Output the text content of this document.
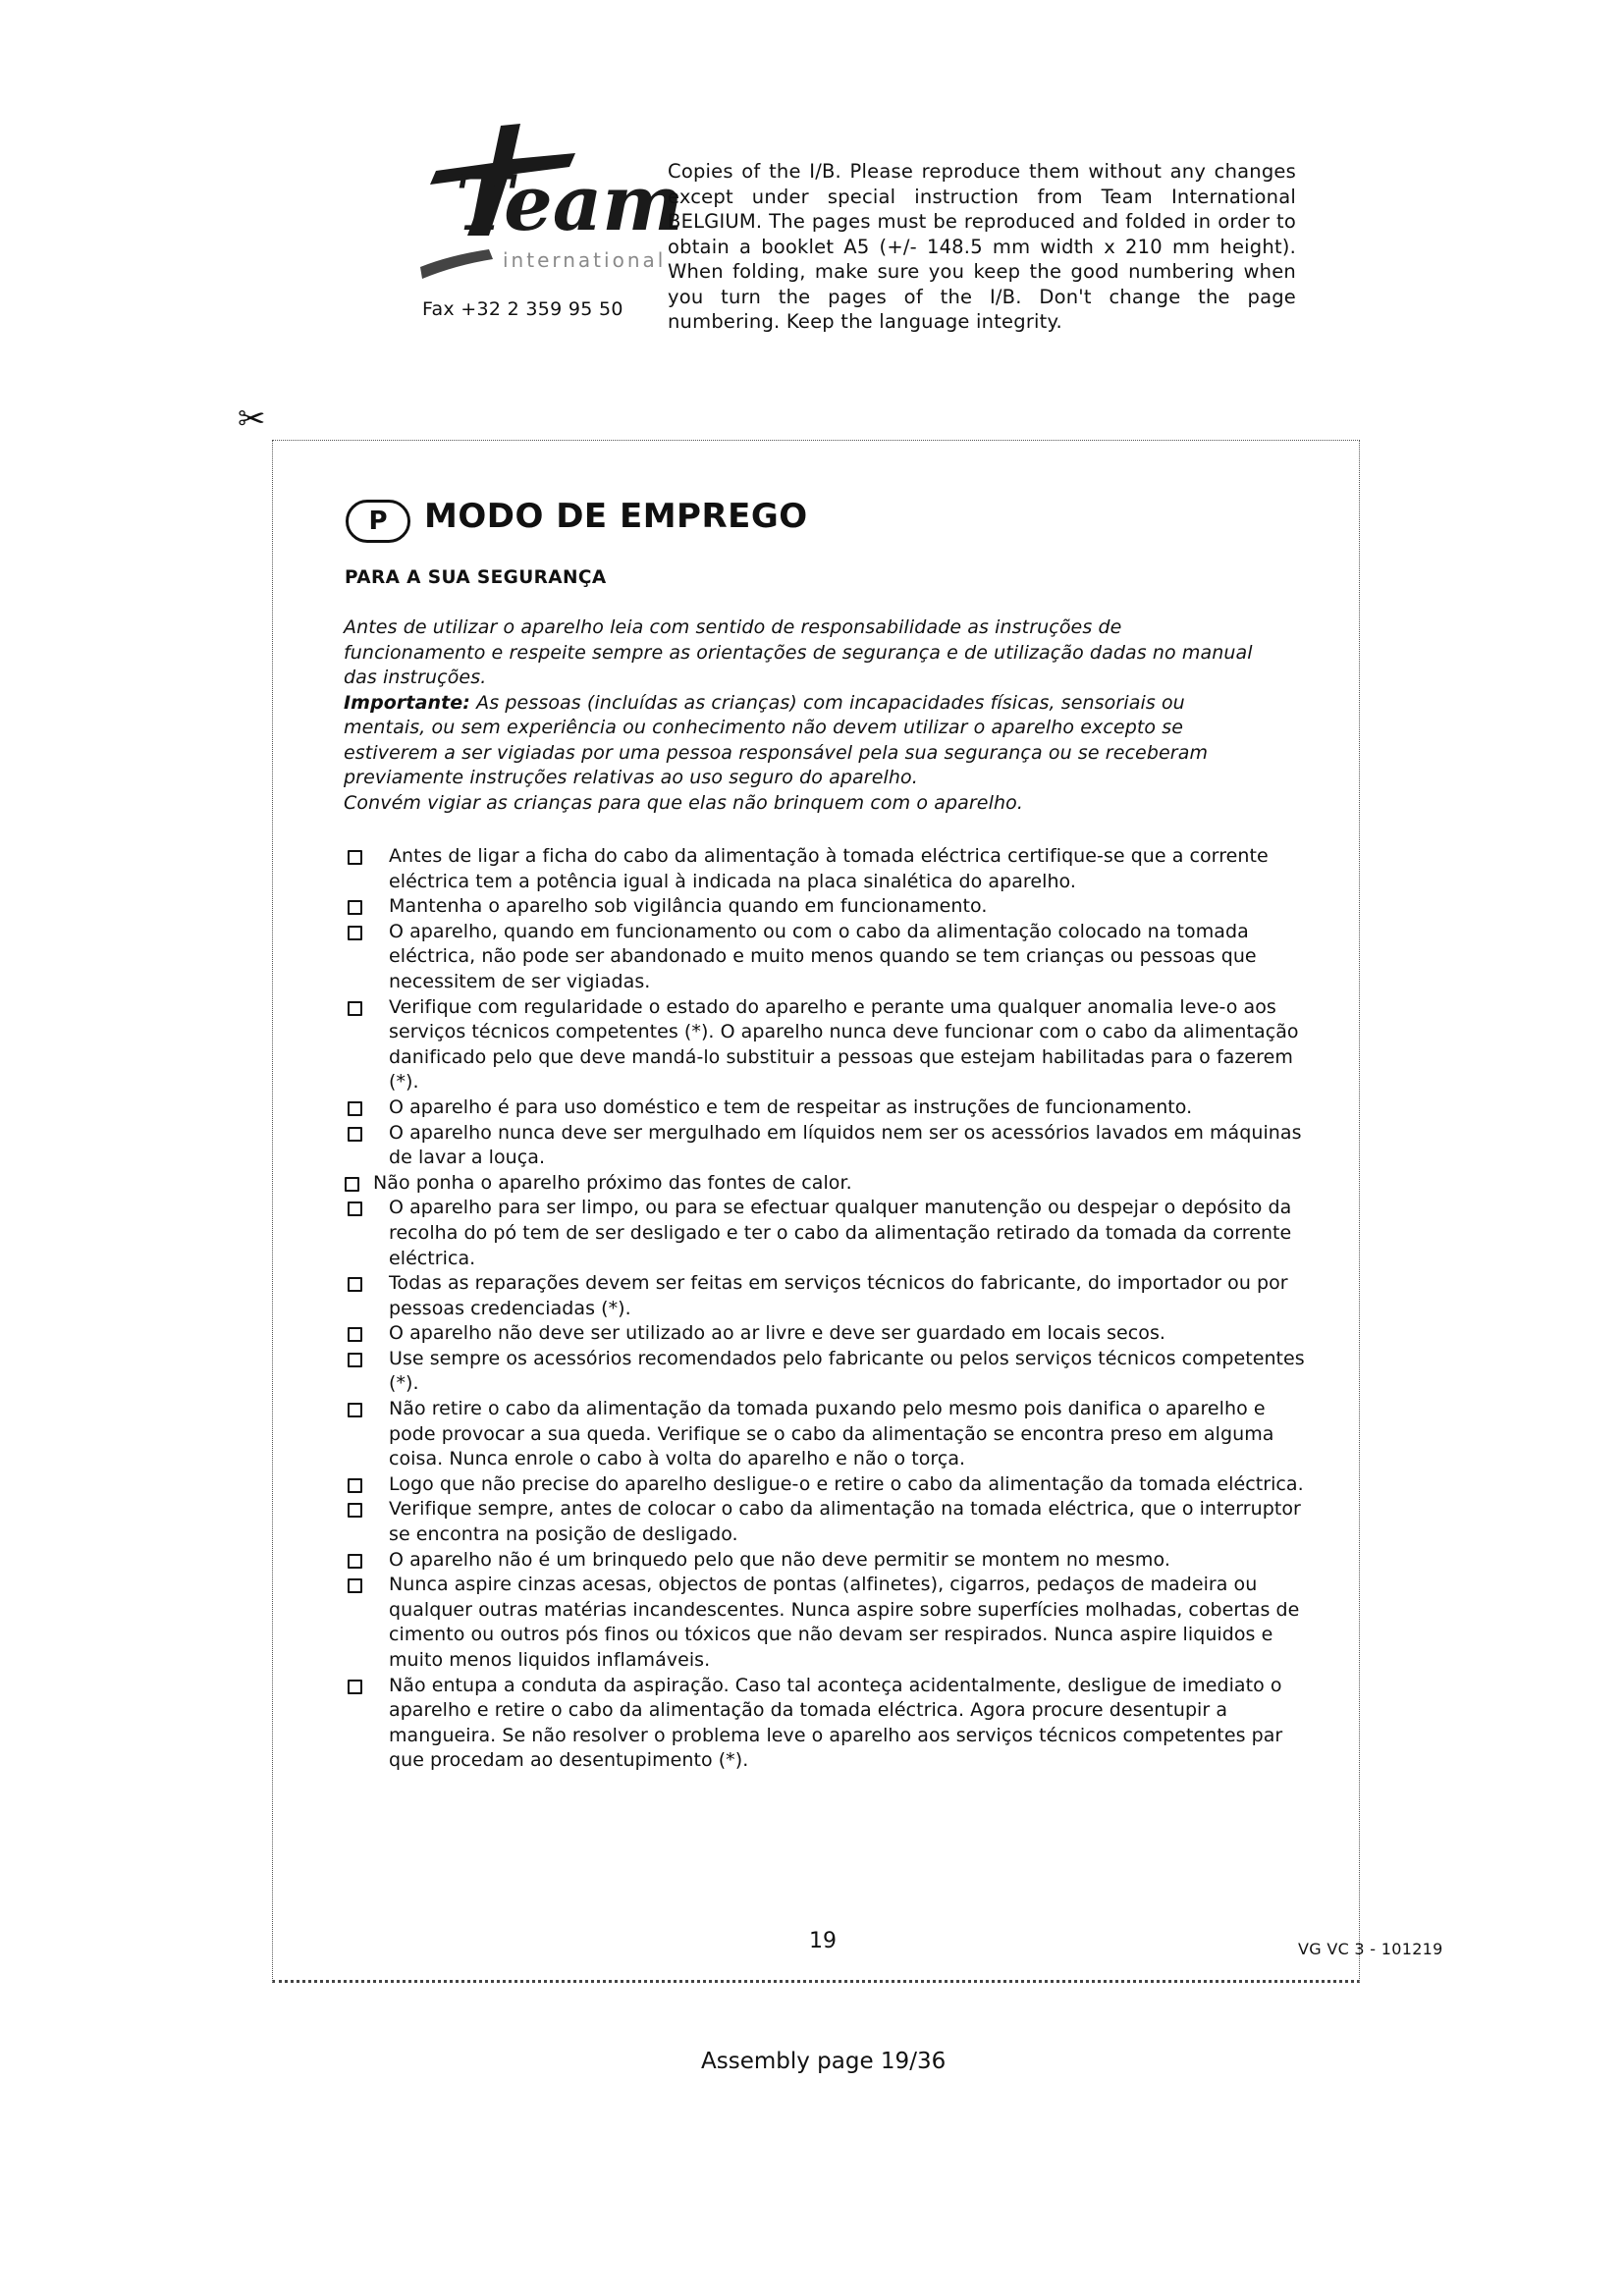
Team
international
Fax +32 2 359 95 50
Copies of the I/B. Please reproduce them without any changes except under special instruction from Team International BELGIUM. The pages must be reproduced and folded in order to obtain a booklet A5 (+/- 148.5 mm width x 210 mm height). When folding, make sure you keep the good numbering when you turn the pages of the I/B. Don't change the page numbering. Keep the language integrity.
✂
P	MODO DE EMPREGO
PARA A SUA SEGURANÇA
Antes de utilizar o aparelho leia com sentido de responsabilidade as instruções de funcionamento e respeite sempre as orientações de segurança e de utilização dadas no manual das instruções.
Importante: As pessoas (incluídas as crianças) com incapacidades físicas, sensoriais ou mentais, ou sem experiência ou conhecimento não devem utilizar o aparelho excepto se estiverem a ser vigiadas por uma pessoa responsável pela sua segurança ou se receberam previamente instruções relativas ao uso seguro do aparelho.
Convém vigiar as crianças para que elas não brinquem com o aparelho.
Antes de ligar a ficha do cabo da alimentação à tomada eléctrica certifique-se que a corrente eléctrica tem a potência igual à indicada na placa sinalética do aparelho.
Mantenha o aparelho sob vigilância quando em funcionamento.
O aparelho, quando em funcionamento ou com o cabo da alimentação colocado na tomada eléctrica, não pode ser abandonado e muito menos quando se tem crianças ou pessoas que necessitem de ser vigiadas.
Verifique com regularidade o estado do aparelho e perante uma qualquer anomalia leve-o aos serviços técnicos competentes (*). O aparelho nunca deve funcionar com o cabo da alimentação danificado pelo que deve mandá-lo substituir a pessoas que estejam habilitadas para o fazerem (*).
O aparelho é para uso doméstico e tem de respeitar as instruções de funcionamento.
O aparelho nunca deve ser mergulhado em líquidos nem ser os acessórios lavados em máquinas de lavar a louça.
Não ponha o aparelho próximo das fontes de calor.
O aparelho para ser limpo, ou para se efectuar qualquer manutenção ou despejar o depósito da recolha do pó tem de ser desligado e ter o cabo da alimentação retirado da tomada da corrente eléctrica.
Todas as reparações devem ser feitas em serviços técnicos do fabricante, do importador ou por pessoas credenciadas (*).
O aparelho não deve ser utilizado ao ar livre e deve ser guardado em locais secos.
Use sempre os acessórios recomendados pelo fabricante ou pelos serviços técnicos competentes (*).
Não retire o cabo da alimentação da tomada puxando pelo mesmo pois danifica o aparelho e pode provocar a sua queda. Verifique se o cabo da alimentação se encontra preso em alguma coisa. Nunca enrole o cabo à volta do aparelho e não o torça.
Logo que não precise do aparelho desligue-o e retire o cabo da alimentação da tomada eléctrica.
Verifique sempre, antes de colocar o cabo da alimentação na tomada eléctrica, que o interruptor se encontra na posição de desligado.
O aparelho não é um brinquedo pelo que não deve permitir se montem no mesmo.
Nunca aspire cinzas acesas, objectos de pontas (alfinetes), cigarros, pedaços de madeira ou qualquer outras matérias incandescentes. Nunca aspire sobre superfícies molhadas, cobertas de cimento ou outros pós finos ou tóxicos que não devam ser respirados. Nunca aspire liquidos e muito menos liquidos inflamáveis.
Não entupa a conduta da aspiração. Caso tal aconteça acidentalmente, desligue de imediato o aparelho e retire o cabo da alimentação da tomada eléctrica. Agora procure desentupir a mangueira. Se não resolver o problema leve o aparelho aos serviços técnicos competentes par que procedam ao desentupimento (*).
19	VG VC 3 - 101219
Assembly page 19/36
